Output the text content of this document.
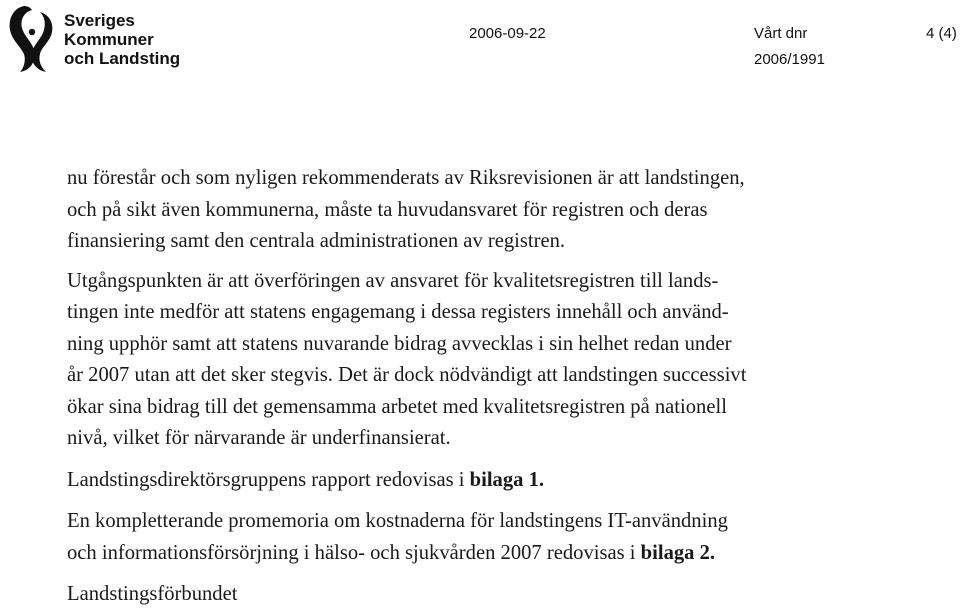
Sveriges
Kommuner
och Landsting
2006-09-22	Vårt dnr
2006/1991
4 (4)

nu förestår och som nyligen rekommenderats av Riksrevisionen är att landstingen,
och på sikt även kommunerna, måste ta huvudansvaret för registren och deras
finansiering samt den centrala administrationen av registren.

Utgångspunkten är att överföringen av ansvaret för kvalitetsregistren till lands-
tingen inte medför att statens engagemang i dessa registers innehåll och använd-
ning upphör samt att statens nuvarande bidrag avvecklas i sin helhet redan under
år 2007 utan att det sker stegvis. Det är dock nödvändigt att landstingen successivt
ökar sina bidrag till det gemensamma arbetet med kvalitetsregistren på nationell
nivå, vilket för närvarande är underfinansierat.

Landstingsdirektörsgruppens rapport redovisas i bilaga 1.

En kompletterande promemoria om kostnaderna för landstingens IT-användning
och informationsförsörjning i hälso- och sjukvården 2007 redovisas i bilaga 2.

Landstingsförbundet
